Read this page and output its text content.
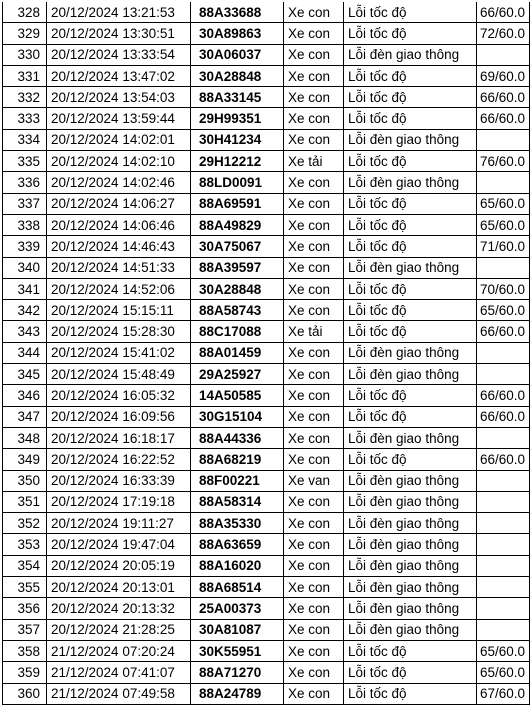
328	20/12/2024 13:21:53	88A33688	Xe con	Lỗi tốc độ	66/60.0
329	20/12/2024 13:30:51	30A89863	Xe con	Lỗi tốc độ	72/60.0
330	20/12/2024 13:33:54	30A06037	Xe con	Lỗi đèn giao thông	
331	20/12/2024 13:47:02	30A28848	Xe con	Lỗi tốc độ	69/60.0
332	20/12/2024 13:54:03	88A33145	Xe con	Lỗi tốc độ	66/60.0
333	20/12/2024 13:59:44	29H99351	Xe con	Lỗi tốc độ	66/60.0
334	20/12/2024 14:02:01	30H41234	Xe con	Lỗi đèn giao thông	
335	20/12/2024 14:02:10	29H12212	Xe tải	Lỗi tốc độ	76/60.0
336	20/12/2024 14:02:46	88LD0091	Xe con	Lỗi đèn giao thông	
337	20/12/2024 14:06:27	88A69591	Xe con	Lỗi tốc độ	65/60.0
338	20/12/2024 14:06:46	88A49829	Xe con	Lỗi tốc độ	65/60.0
339	20/12/2024 14:46:43	30A75067	Xe con	Lỗi tốc độ	71/60.0
340	20/12/2024 14:51:33	88A39597	Xe con	Lỗi đèn giao thông	
341	20/12/2024 14:52:06	30A28848	Xe con	Lỗi tốc độ	70/60.0
342	20/12/2024 15:15:11	88A58743	Xe con	Lỗi tốc độ	65/60.0
343	20/12/2024 15:28:30	88C17088	Xe tải	Lỗi tốc độ	66/60.0
344	20/12/2024 15:41:02	88A01459	Xe con	Lỗi đèn giao thông	
345	20/12/2024 15:48:49	29A25927	Xe con	Lỗi đèn giao thông	
346	20/12/2024 16:05:32	14A50585	Xe con	Lỗi tốc độ	66/60.0
347	20/12/2024 16:09:56	30G15104	Xe con	Lỗi tốc độ	66/60.0
348	20/12/2024 16:18:17	88A44336	Xe con	Lỗi đèn giao thông	
349	20/12/2024 16:22:52	88A68219	Xe con	Lỗi tốc độ	66/60.0
350	20/12/2024 16:33:39	88F00221	Xe van	Lỗi đèn giao thông	
351	20/12/2024 17:19:18	88A58314	Xe con	Lỗi đèn giao thông	
352	20/12/2024 19:11:27	88A35330	Xe con	Lỗi đèn giao thông	
353	20/12/2024 19:47:04	88A63659	Xe con	Lỗi đèn giao thông	
354	20/12/2024 20:05:19	88A16020	Xe con	Lỗi đèn giao thông	
355	20/12/2024 20:13:01	88A68514	Xe con	Lỗi đèn giao thông	
356	20/12/2024 20:13:32	25A00373	Xe con	Lỗi đèn giao thông	
357	20/12/2024 21:28:25	30A81087	Xe con	Lỗi đèn giao thông	
358	21/12/2024 07:20:24	30K55951	Xe con	Lỗi tốc độ	65/60.0
359	21/12/2024 07:41:07	88A71270	Xe con	Lỗi tốc độ	65/60.0
360	21/12/2024 07:49:58	88A24789	Xe con	Lỗi tốc độ	67/60.0
